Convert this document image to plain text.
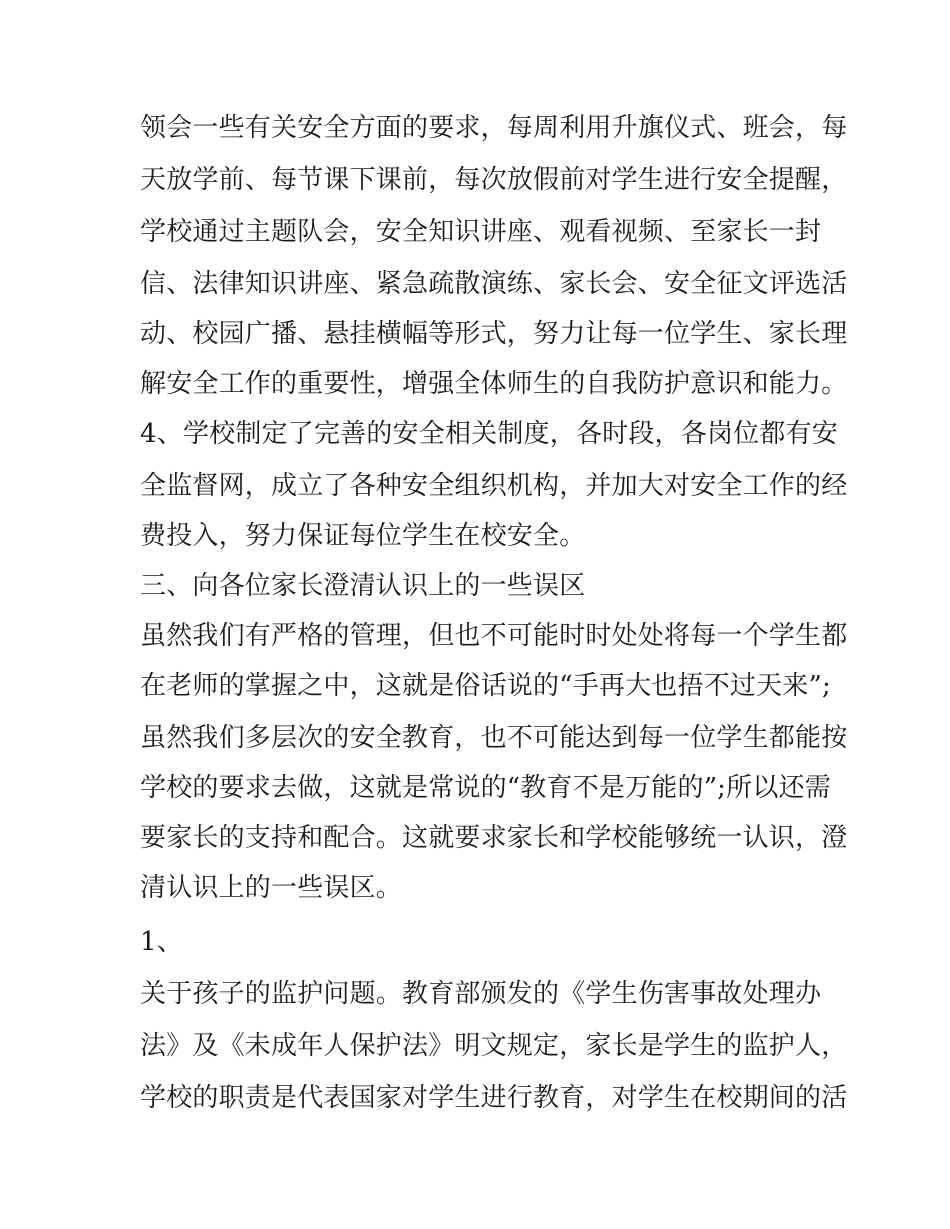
领会一些有关安全方面的要求，每周利用升旗仪式、班会，每
天放学前、每节课下课前，每次放假前对学生进行安全提醒，
学校通过主题队会，安全知识讲座、观看视频、至家长一封
信、法律知识讲座、紧急疏散演练、家长会、安全征文评选活
动、校园广播、悬挂横幅等形式，努力让每一位学生、家长理
解安全工作的重要性，增强全体师生的自我防护意识和能力。
4、学校制定了完善的安全相关制度，各时段，各岗位都有安
全监督网，成立了各种安全组织机构，并加大对安全工作的经
费投入，努力保证每位学生在校安全。
三、向各位家长澄清认识上的一些误区
虽然我们有严格的管理，但也不可能时时处处将每一个学生都
在老师的掌握之中，这就是俗话说的“手再大也捂不过天来”;
虽然我们多层次的安全教育，也不可能达到每一位学生都能按
学校的要求去做，这就是常说的“教育不是万能的”;所以还需
要家长的支持和配合。这就要求家长和学校能够统一认识，澄
清认识上的一些误区。
1、
关于孩子的监护问题。教育部颁发的《学生伤害事故处理办
法》及《未成年人保护法》明文规定，家长是学生的监护人，
学校的职责是代表国家对学生进行教育，对学生在校期间的活
